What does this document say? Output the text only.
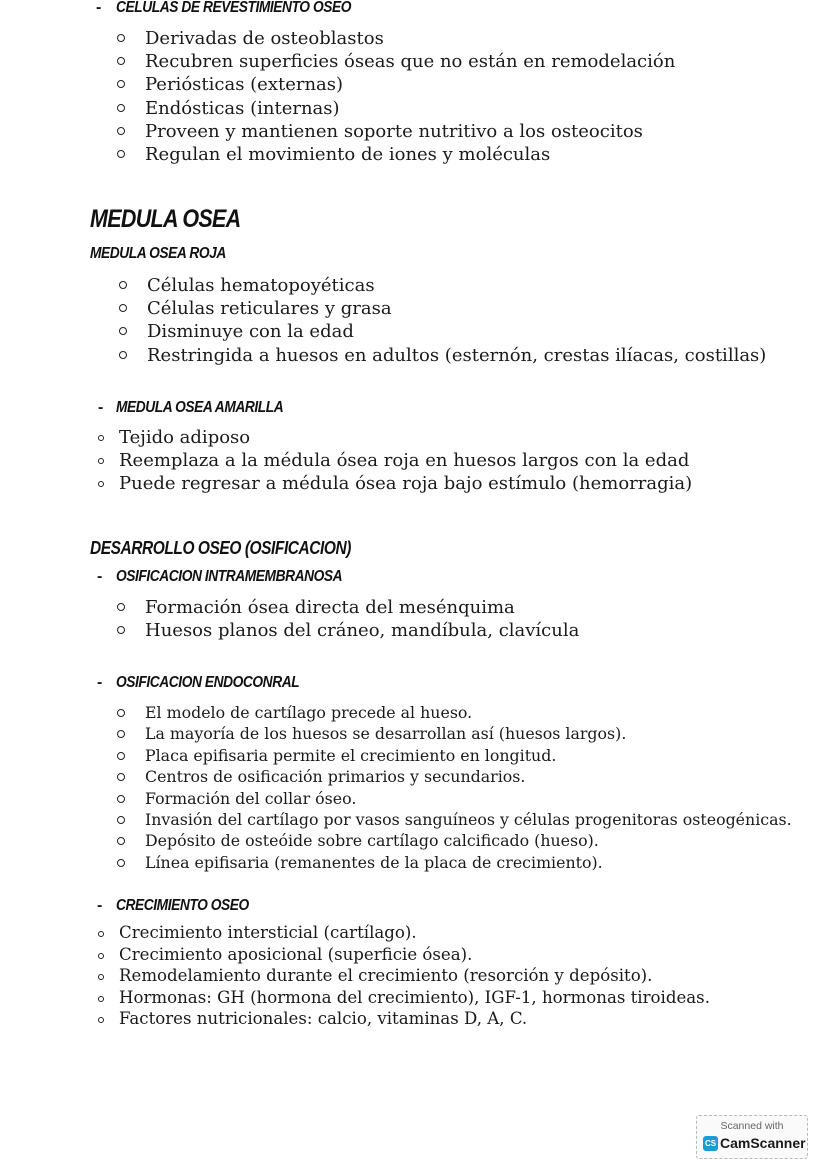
- CELULAS DE REVESTIMIENTO OSEO
Derivadas de osteoblastos
Recubren superficies óseas que no están en remodelación
Periósticas (externas)
Endósticas (internas)
Proveen y mantienen soporte nutritivo a los osteocitos
Regulan el movimiento de iones y moléculas
MEDULA OSEA
MEDULA OSEA ROJA
Células hematopoyéticas
Células reticulares y grasa
Disminuye con la edad
Restringida a huesos en adultos (esternón, crestas ilíacas, costillas)
- MEDULA OSEA AMARILLA
Tejido adiposo
Reemplaza a la médula ósea roja en huesos largos con la edad
Puede regresar a médula ósea roja bajo estímulo (hemorragia)
DESARROLLO OSEO (OSIFICACION)
- OSIFICACION INTRAMEMBRANOSA
Formación ósea directa del mesénquima
Huesos planos del cráneo, mandíbula, clavícula
- OSIFICACION ENDOCONRAL
El modelo de cartílago precede al hueso.
La mayoría de los huesos se desarrollan así (huesos largos).
Placa epifisaria permite el crecimiento en longitud.
Centros de osificación primarios y secundarios.
Formación del collar óseo.
Invasión del cartílago por vasos sanguíneos y células progenitoras osteogénicas.
Depósito de osteóide sobre cartílago calcificado (hueso).
Línea epifisaria (remanentes de la placa de crecimiento).
- CRECIMIENTO OSEO
Crecimiento intersticial (cartílago).
Crecimiento aposicional (superficie ósea).
Remodelamiento durante el crecimiento (resorción y depósito).
Hormonas: GH (hormona del crecimiento), IGF-1, hormonas tiroideas.
Factores nutricionales: calcio, vitaminas D, A, C.
Scanned with
CS CamScanner
